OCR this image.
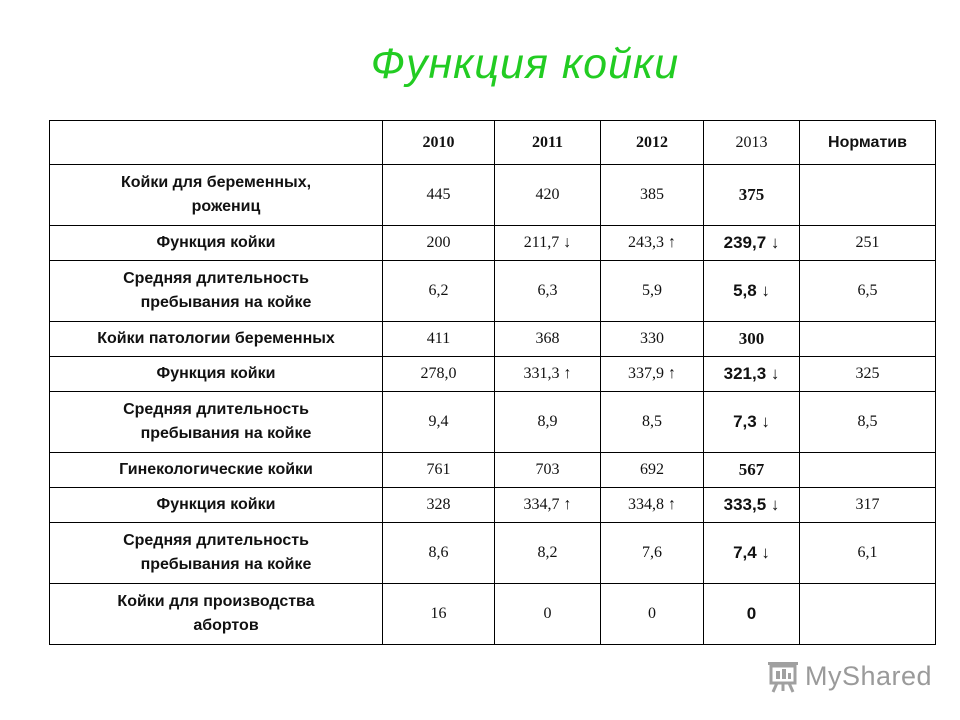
Функция койки
	2010	2011	2012	2013	Норматив
Койки для беременных,
рожениц	445	420	385	375	
Функция койки	200	211,7 ↓	243,3 ↑	239,7 ↓	251
Средняя длительность
пребывания на койке	6,2	6,3	5,9	5,8 ↓	6,5
Койки патологии беременных	411	368	330	300	
Функция койки	278,0	331,3 ↑	337,9 ↑	321,3 ↓	325
Средняя длительность
пребывания на койке	9,4	8,9	8,5	7,3 ↓	8,5
Гинекологические койки	761	703	692	567	
Функция койки	328	334,7 ↑	334,8 ↑	333,5 ↓	317
Средняя длительность
пребывания на койке	8,6	8,2	7,6	7,4 ↓	6,1
Койки для производства
абортов	16	0	0	0	
MyShared
